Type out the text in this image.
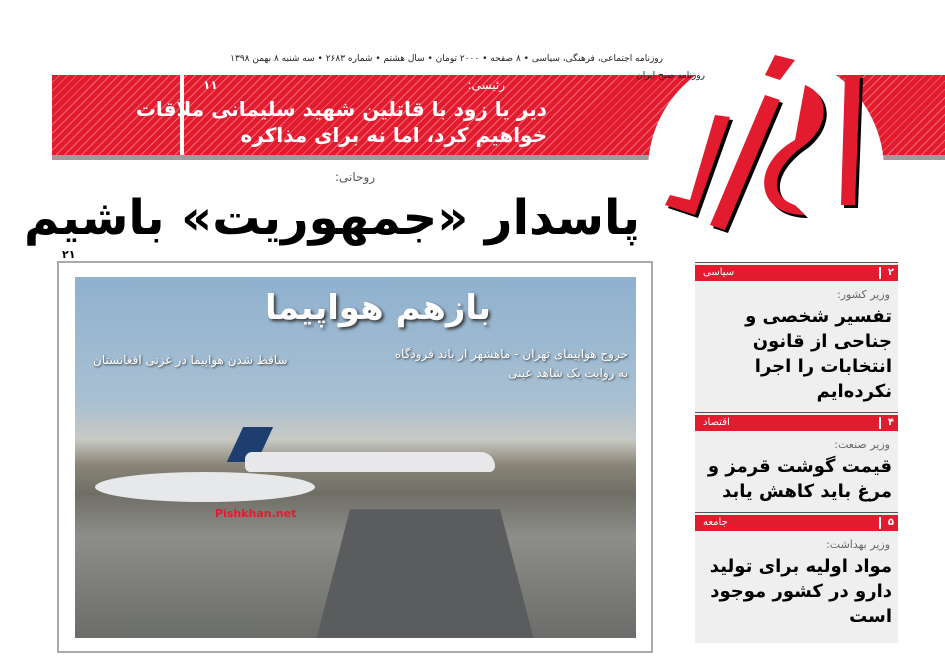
روزنامه اجتماعی، فرهنگی، سیاسی • ۸ صفحه • ۲۰۰۰ تومان • سال هشتم • شماره ۲۶۸۳ • سه شنبه ۸ بهمن ۱۳۹۸
روزنامه صبح ایران
رئیسی:
۱۱
دیر یا زود با قاتلین شهید سلیمانی ملاقات خواهیم کرد، اما نه برای مذاکره
روحانی:
پاسدار «جمهوریت» باشیم
۲۱
بازهم هواپیما
خروج هواپیمای تهران - ماهشهر از باند فرودگاه به روایت یک شاهد عینی
ساقط شدن هواپیما در غزنی افغانستان
Pishkhan.net
۲
سیاسی
وزیر کشور:
تفسیر شخصی و جناحی از قانون انتخابات را اجرا نکرده‌ایم
۴
اقتصاد
وزیر صنعت:
قیمت گوشت قرمز و مرغ باید کاهش یابد
۵
جامعه
وزیر بهداشت:
مواد اولیه برای تولید دارو در کشور موجود است
